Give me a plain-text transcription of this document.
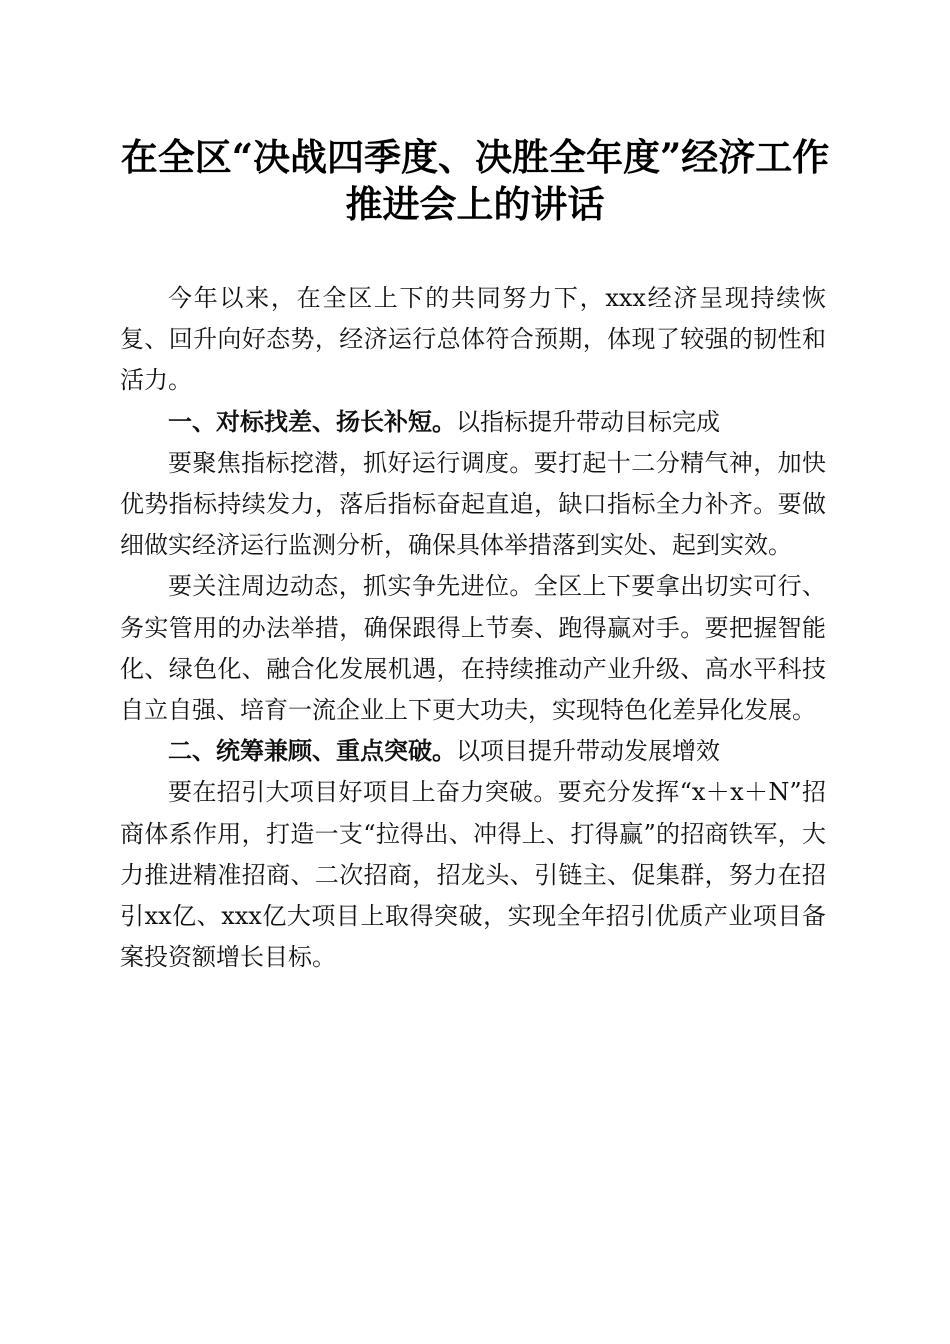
在全区“决战四季度、决胜全年度”经济工作
推进会上的讲话

今年以来，在全区上下的共同努力下，xxx经济呈现持续恢复、回升向好态势，经济运行总体符合预期，体现了较强的韧性和活力。

一、对标找差、扬长补短。以指标提升带动目标完成

要聚焦指标挖潜，抓好运行调度。要打起十二分精气神，加快优势指标持续发力，落后指标奋起直追，缺口指标全力补齐。要做细做实经济运行监测分析，确保具体举措落到实处、起到实效。

要关注周边动态，抓实争先进位。全区上下要拿出切实可行、务实管用的办法举措，确保跟得上节奏、跑得赢对手。要把握智能化、绿色化、融合化发展机遇，在持续推动产业升级、高水平科技自立自强、培育一流企业上下更大功夫，实现特色化差异化发展。

二、统筹兼顾、重点突破。以项目提升带动发展增效

要在招引大项目好项目上奋力突破。要充分发挥“x＋x＋N”招商体系作用，打造一支“拉得出、冲得上、打得赢”的招商铁军，大力推进精准招商、二次招商，招龙头、引链主、促集群，努力在招引xx亿、xxx亿大项目上取得突破，实现全年招引优质产业项目备案投资额增长目标。
